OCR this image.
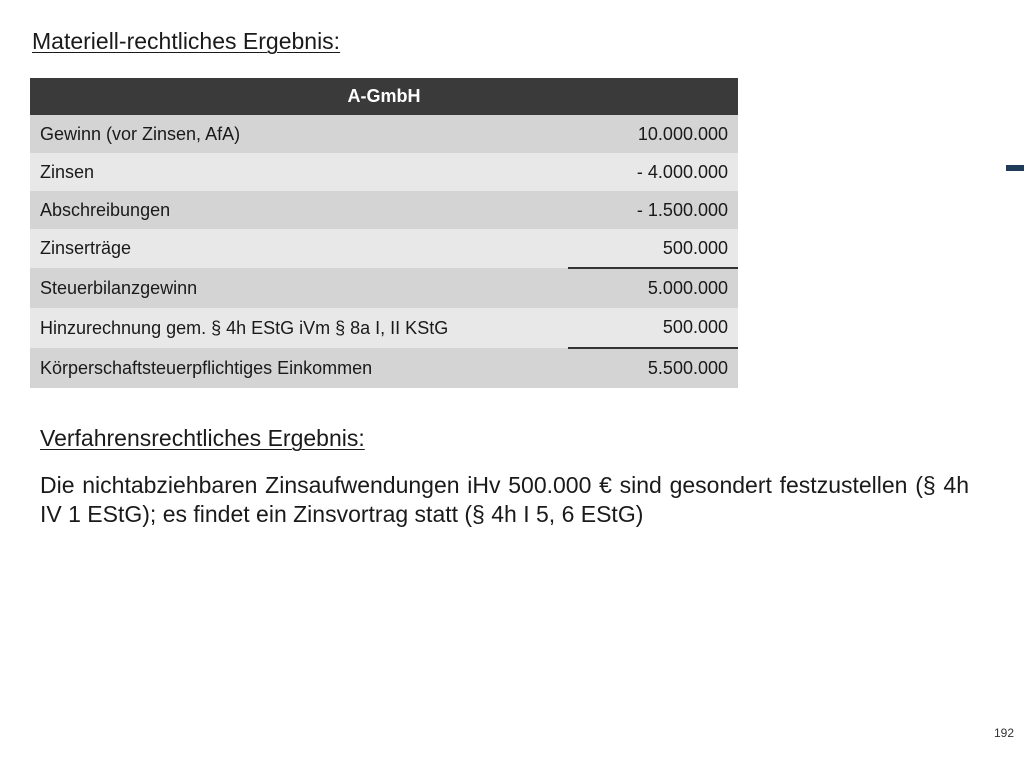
Materiell-rechtliches Ergebnis:
A-GmbH	
Gewinn (vor Zinsen, AfA)	10.000.000
Zinsen	- 4.000.000
Abschreibungen	- 1.500.000
Zinserträge	500.000
Steuerbilanzgewinn	5.000.000
Hinzurechnung gem. § 4h EStG iVm § 8a I, II KStG	500.000
Körperschaftsteuerpflichtiges Einkommen	5.500.000
Verfahrensrechtliches Ergebnis:
Die nichtabziehbaren Zinsaufwendungen iHv 500.000 € sind gesondert festzustellen (§ 4h IV 1 EStG); es findet ein Zinsvortrag statt (§ 4h I 5, 6 EStG)
192
